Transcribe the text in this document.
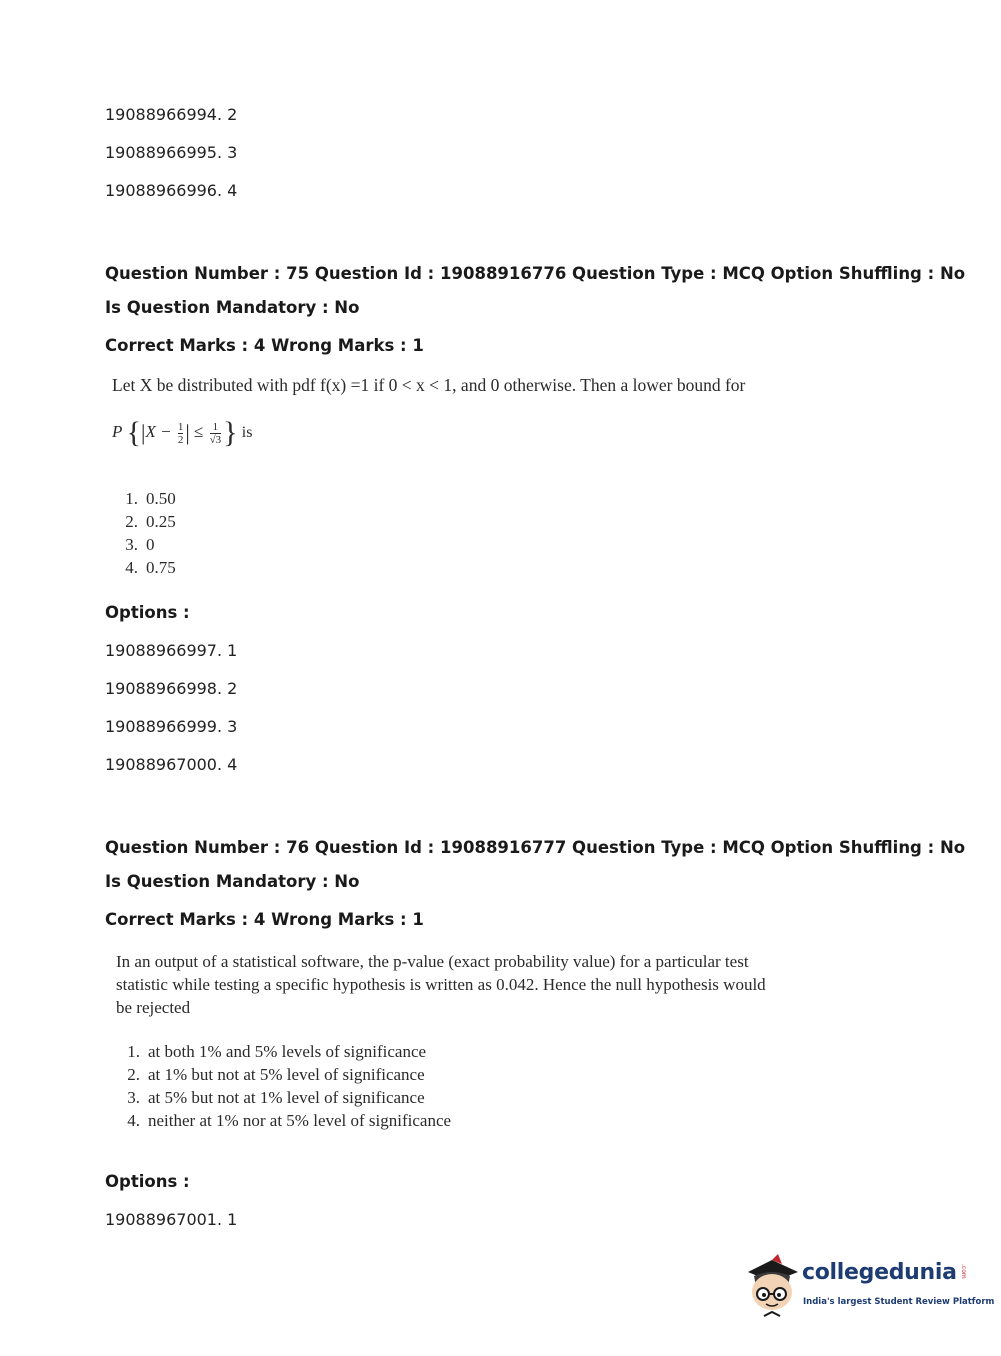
19088966994. 2
19088966995. 3
19088966996. 4
Question Number : 75 Question Id : 19088916776 Question Type : MCQ Option Shuffling : No
Is Question Mandatory : No
Correct Marks : 4 Wrong Marks : 1
Let X be distributed with pdf f(x) =1 if 0 < x < 1, and 0 otherwise. Then a lower bound for
P {$|X - \frac{1}{2}$ | ≤ $\frac{1}{√3}$ } is
1. 0.50
2. 0.25
3. 0
4. 0.75
Options :
19088966997. 1
19088966998. 2
19088966999. 3
19088967000. 4
Question Number : 76 Question Id : 19088916777 Question Type : MCQ Option Shuffling : No
Is Question Mandatory : No
Correct Marks : 4 Wrong Marks : 1
In an output of a statistical software, the p-value (exact probability value) for a particular test
statistic while testing a specific hypothesis is written as 0.042. Hence the null hypothesis would
be rejected
1. at both 1% and 5% levels of significance
2. at 1% but not at 5% level of significance
3. at 5% but not at 1% level of significance
4. neither at 1% nor at 5% level of significance
Options :
19088967001. 1
collegedunia .com
India's largest Student Review Platform
